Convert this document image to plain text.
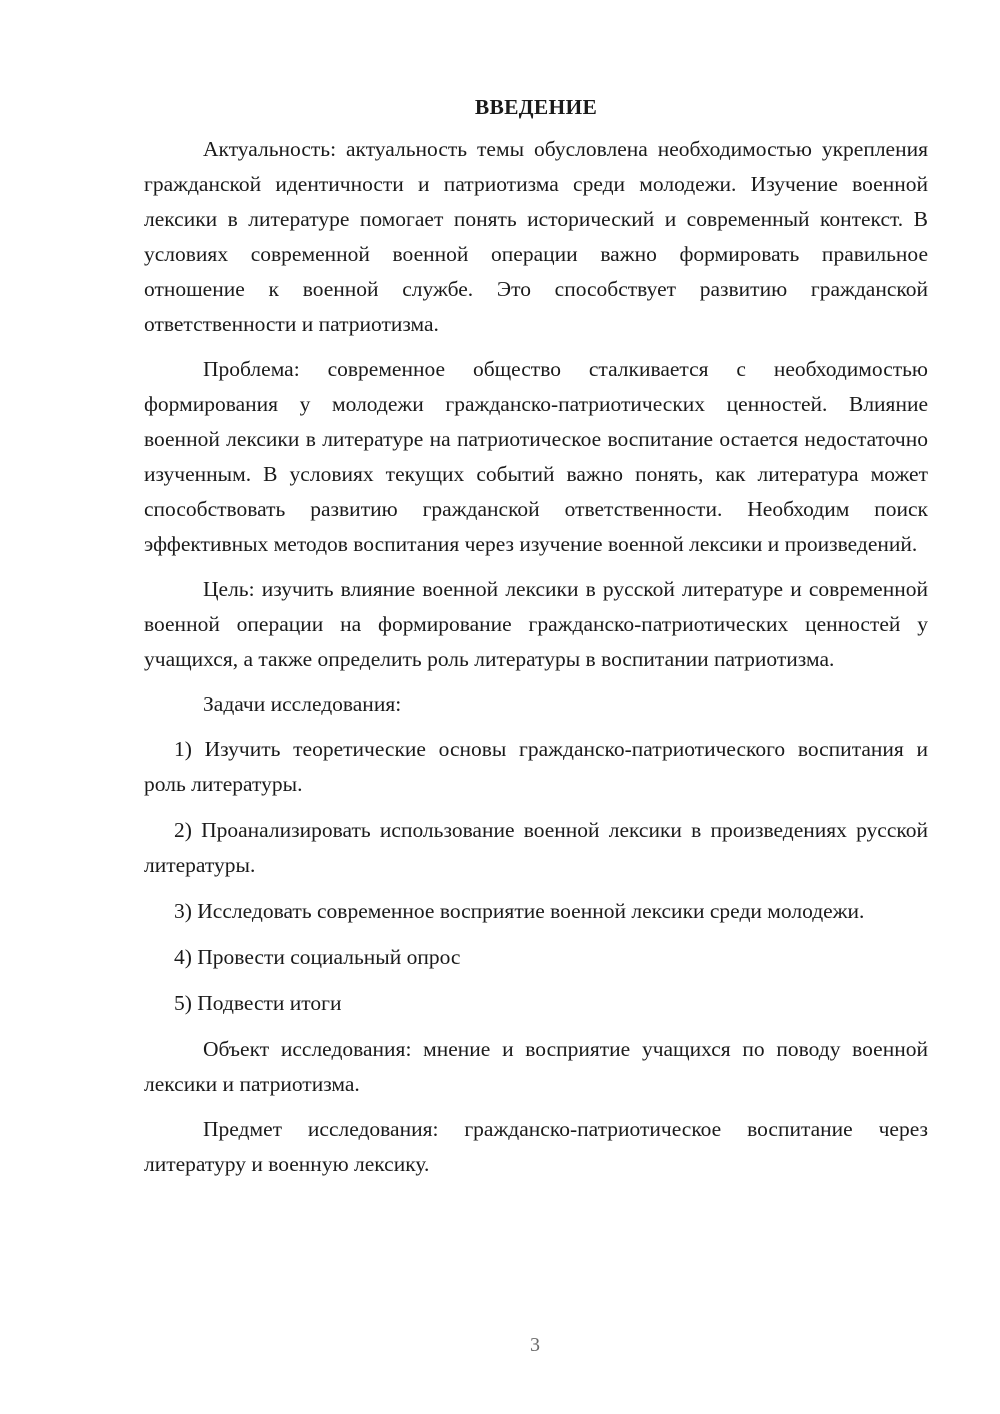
ВВЕДЕНИЕ

Актуальность: актуальность темы обусловлена необходимостью укрепления гражданской идентичности и патриотизма среди молодежи. Изучение военной лексики в литературе помогает понять исторический и современный контекст. В условиях современной военной операции важно формировать правильное отношение к военной службе. Это способствует развитию гражданской ответственности и патриотизма.

Проблема: современное общество сталкивается с необходимостью формирования у молодежи гражданско-патриотических ценностей. Влияние военной лексики в литературе на патриотическое воспитание остается недостаточно изученным. В условиях текущих событий важно понять, как литература может способствовать развитию гражданской ответственности. Необходим поиск эффективных методов воспитания через изучение военной лексики и произведений.

Цель: изучить влияние военной лексики в русской литературе и современной военной операции на формирование гражданско-патриотических ценностей у учащихся, а также определить роль литературы в воспитании патриотизма.

Задачи исследования:

1) Изучить теоретические основы гражданско-патриотического воспитания и роль литературы.

2) Проанализировать использование военной лексики в произведениях русской литературы.

3) Исследовать современное восприятие военной лексики среди молодежи.

4) Провести социальный опрос

5) Подвести итоги

Объект исследования: мнение и восприятие учащихся по поводу военной лексики и патриотизма.

Предмет исследования: гражданско-патриотическое воспитание через литературу и военную лексику.

3
